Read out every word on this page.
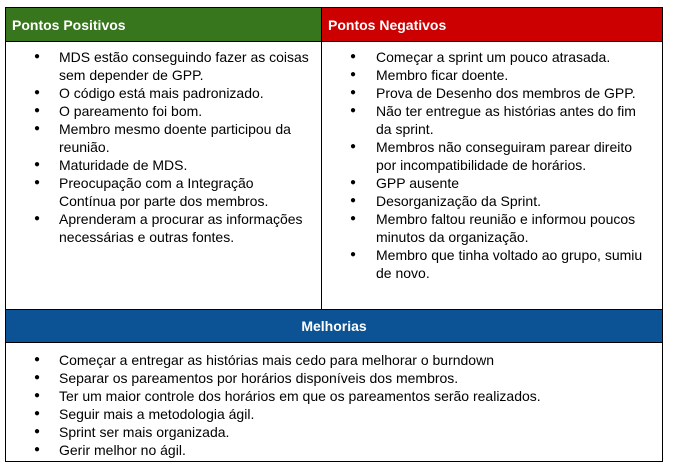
Pontos Positivos	Pontos Negativos
● MDS estão conseguindo fazer as coisas sem depender de GPP.
● O código está mais padronizado.
● O pareamento foi bom.
● Membro mesmo doente participou da reunião.
● Maturidade de MDS.
● Preocupação com a Integração Contínua por parte dos membros.
● Aprenderam a procurar as informações necessárias e outras fontes.
● Começar a sprint um pouco atrasada.
● Membro ficar doente.
● Prova de Desenho dos membros de GPP.
● Não ter entregue as histórias antes do fim da sprint.
● Membros não conseguiram parear direito por incompatibilidade de horários.
● GPP ausente
● Desorganização da Sprint.
● Membro faltou reunião e informou poucos minutos da organização.
● Membro que tinha voltado ao grupo, sumiu de novo.
Melhorias
● Começar a entregar as histórias mais cedo para melhorar o burndown
● Separar os pareamentos por horários disponíveis dos membros.
● Ter um maior controle dos horários em que os pareamentos serão realizados.
● Seguir mais a metodologia ágil.
● Sprint ser mais organizada.
● Gerir melhor no ágil.
